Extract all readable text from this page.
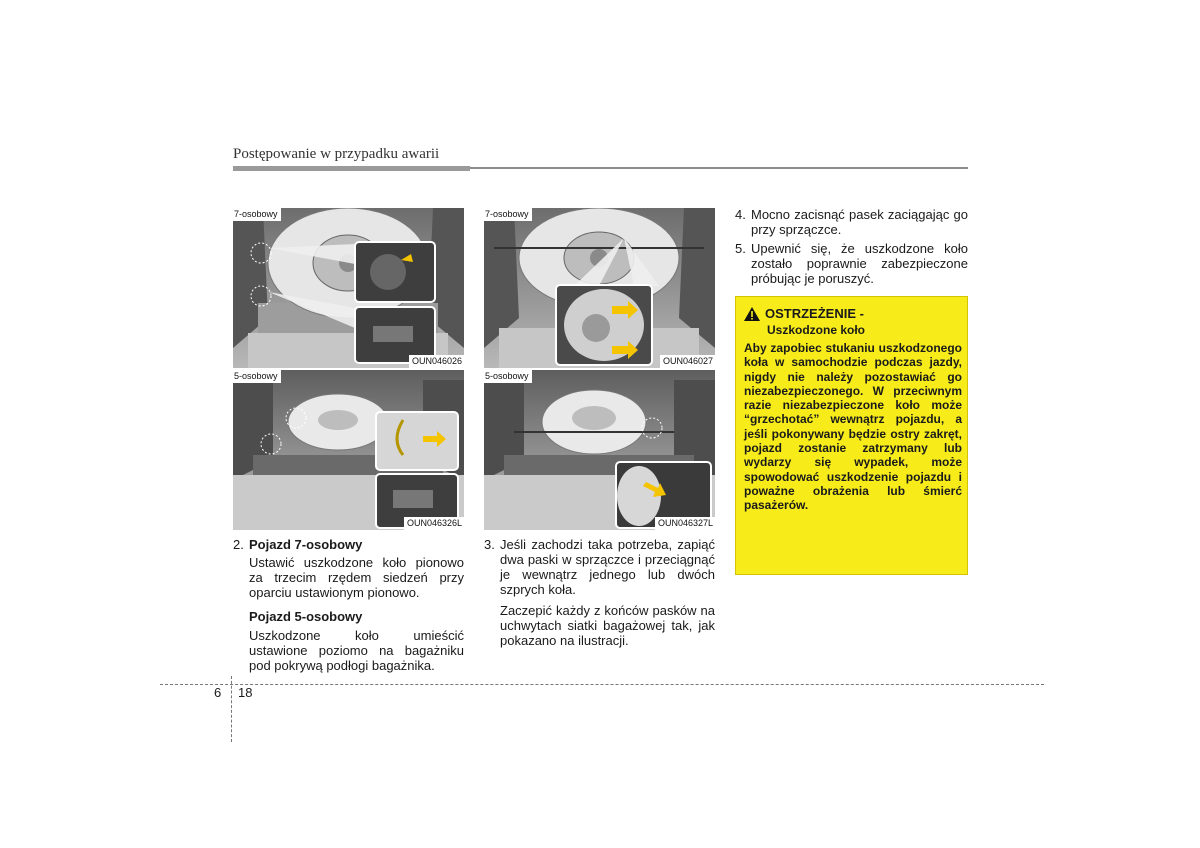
Postępowanie w przypadku awarii
7-osobowy
OUN046026
7-osobowy
OUN046027
5-osobowy
OUN046326L
5-osobowy
OUN046327L
2. Pojazd 7-osobowy
Ustawić uszkodzone koło pionowo za trzecim rzędem siedzeń przy oparciu ustawionym pionowo.
Pojazd 5-osobowy
Uszkodzone koło umieścić ustawione poziomo na bagażniku pod pokrywą podłogi bagażnika.
3. Jeśli zachodzi taka potrzeba, zapiąć dwa paski w sprzączce i przeciągnąć je wewnątrz jednego lub dwóch szprych koła.
Zaczepić każdy z końców pasków na uchwytach siatki bagażowej tak, jak pokazano na ilustracji.
4. Mocno zacisnąć pasek zaciągając go przy sprzączce.
5. Upewnić się, że uszkodzone koło zostało poprawnie zabezpieczone próbując je poruszyć.
OSTRZEŻENIE -
Uszkodzone koło
Aby zapobiec stukaniu uszkodzonego koła w samochodzie podczas jazdy, nigdy nie należy pozostawiać go niezabezpieczonego. W przeciwnym razie niezabezpieczone koło może “grzechotać” wewnątrz pojazdu, a jeśli pokonywany będzie ostry zakręt, pojazd zostanie zatrzymany lub wydarzy się wypadek, może spowodować uszkodzenie pojazdu i poważne obrażenia lub śmierć pasażerów.
6 18
